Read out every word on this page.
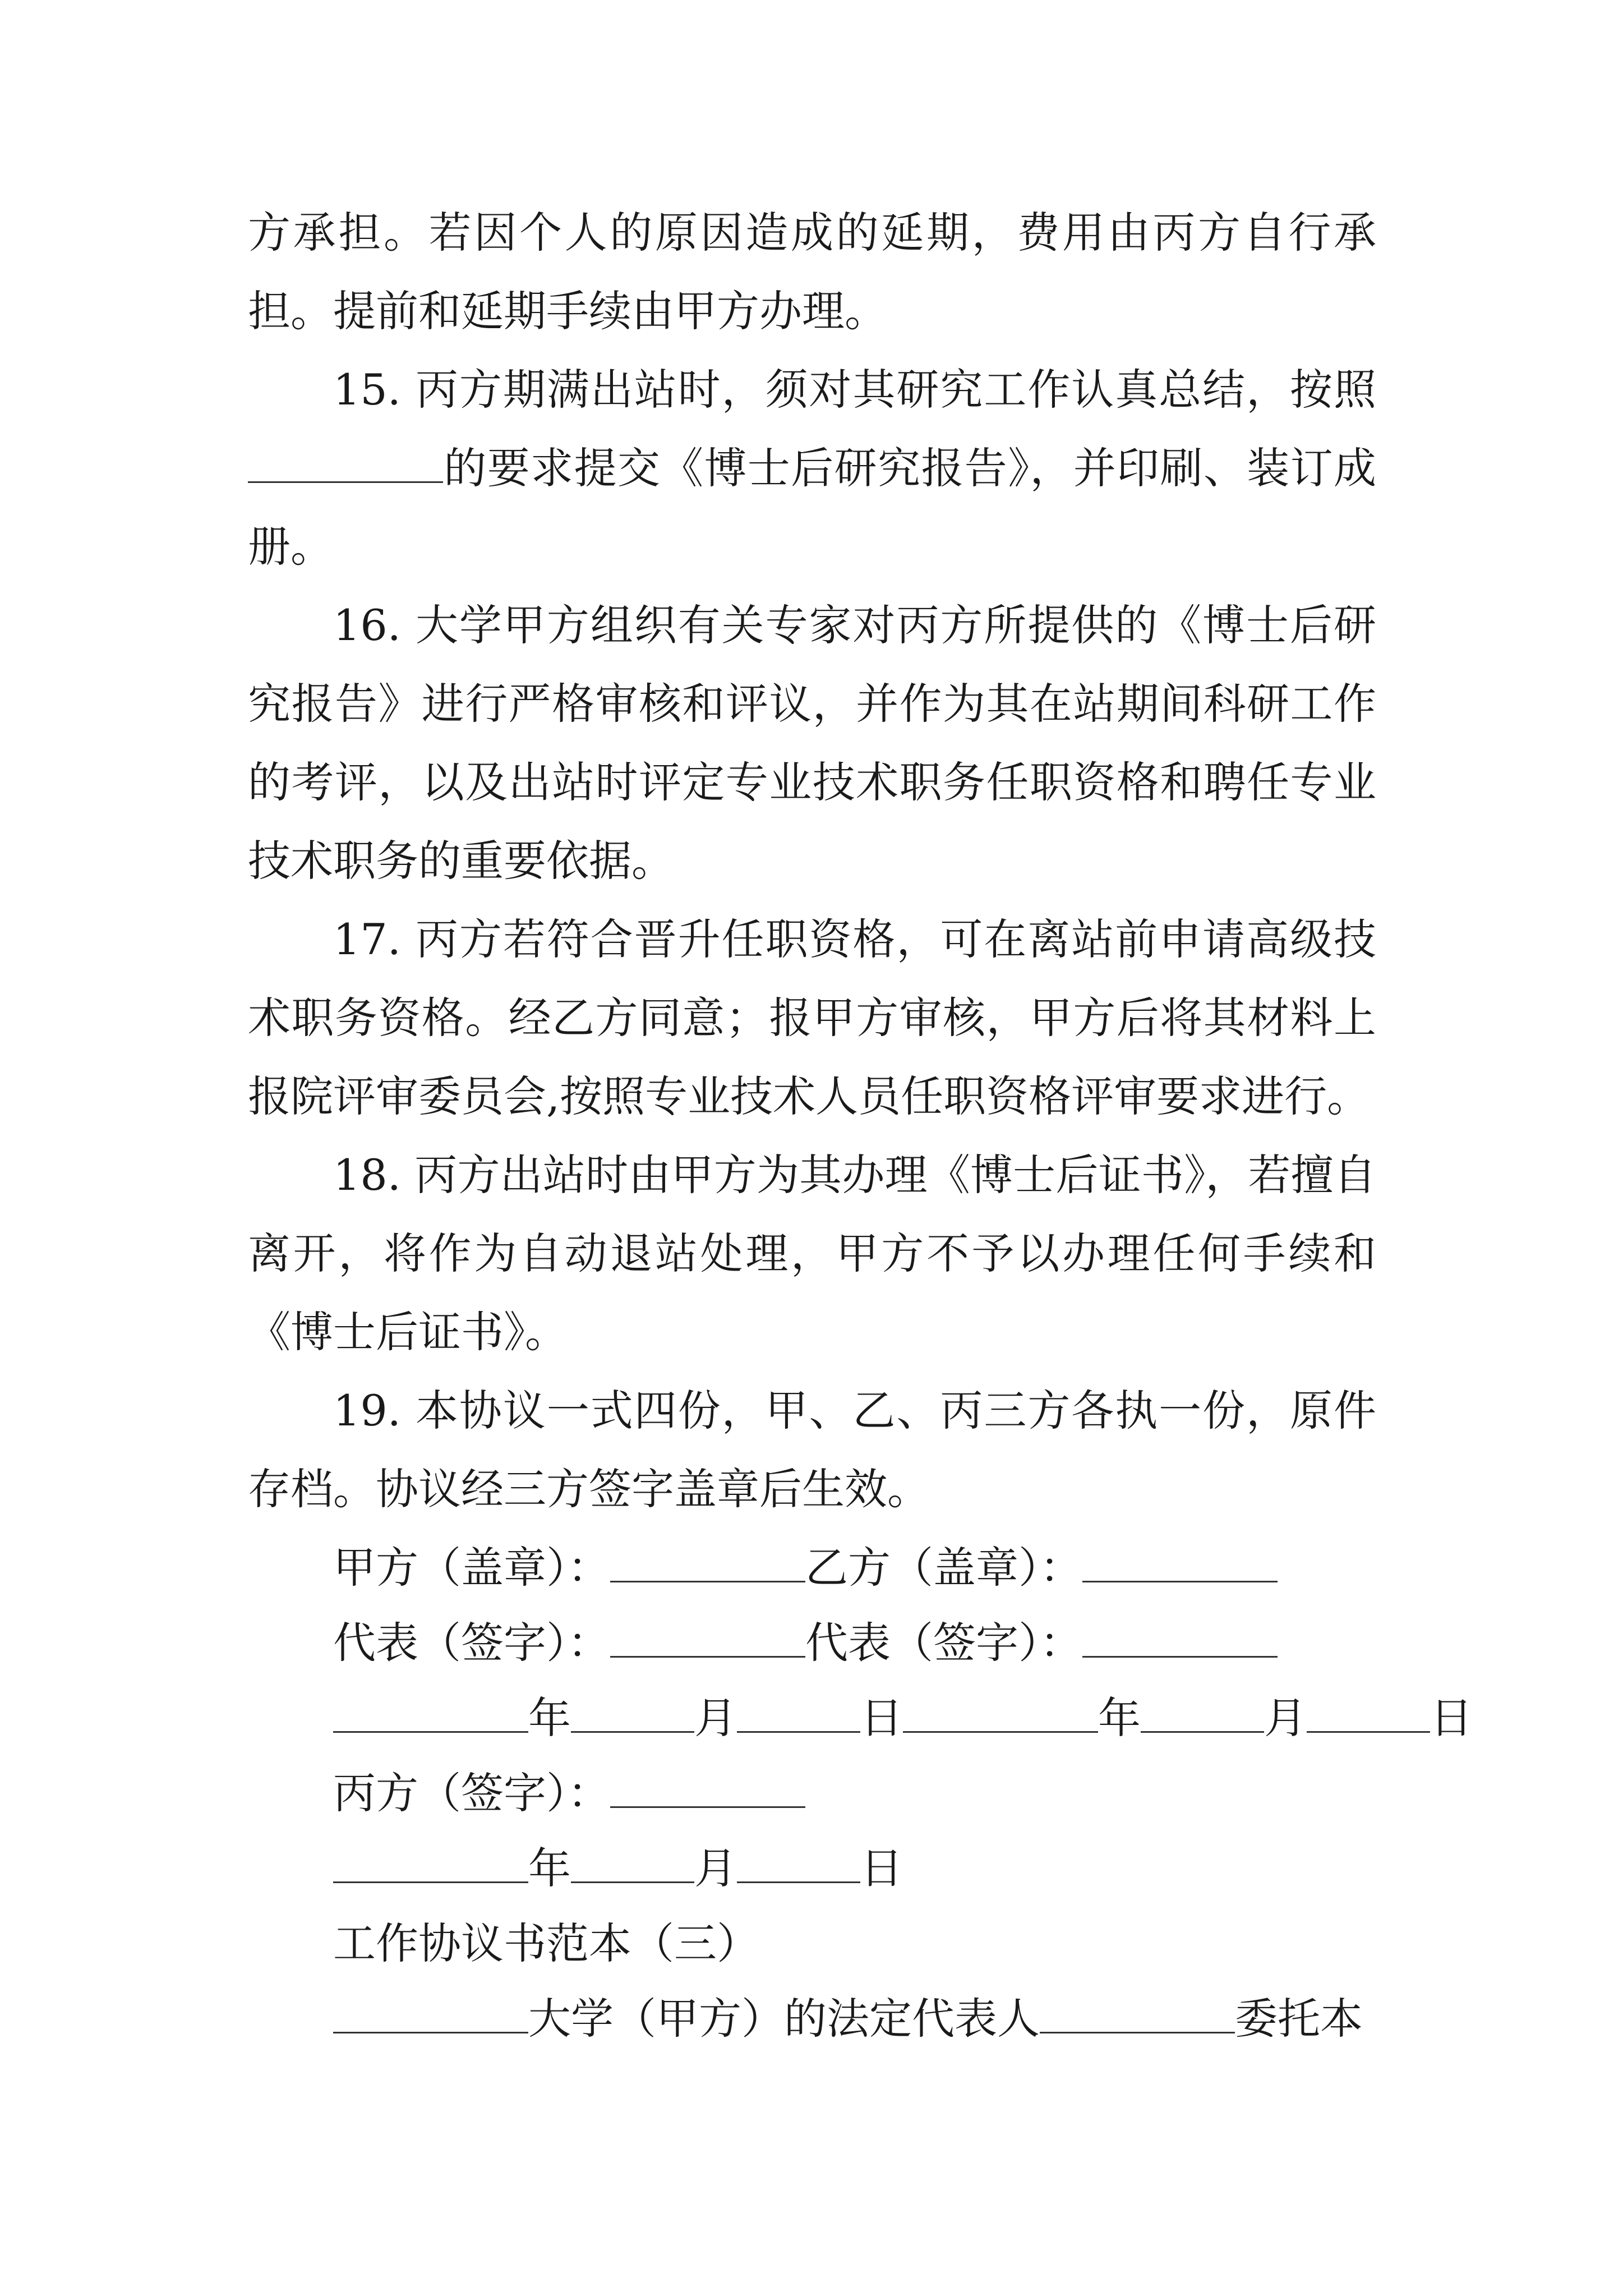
方承担。若因个人的原因造成的延期，费用由丙方自行承担。提前和延期手续由甲方办理。

15. 丙方期满出站时，须对其研究工作认真总结，按照的要求提交《博士后研究报告》，并印刷、装订成册。

16. 大学甲方组织有关专家对丙方所提供的《博士后研究报告》进行严格审核和评议，并作为其在站期间科研工作的考评，以及出站时评定专业技术职务任职资格和聘任专业技术职务的重要依据。

17. 丙方若符合晋升任职资格，可在离站前申请高级技术职务资格。经乙方同意；报甲方审核，甲方后将其材料上报院评审委员会,按照专业技术人员任职资格评审要求进行。

18. 丙方出站时由甲方为其办理《博士后证书》，若擅自离开，将作为自动退站处理，甲方不予以办理任何手续和《博士后证书》。

19. 本协议一式四份，甲、乙、丙三方各执一份，原件存档。协议经三方签字盖章后生效。

甲方（盖章）：	乙方（盖章）：
代表（签字）：	代表（签字）：
年	月	日	年	月	日
丙方（签字）：
年	月	日
工作协议书范本（三）
大学（甲方）的法定代表人	委托本
